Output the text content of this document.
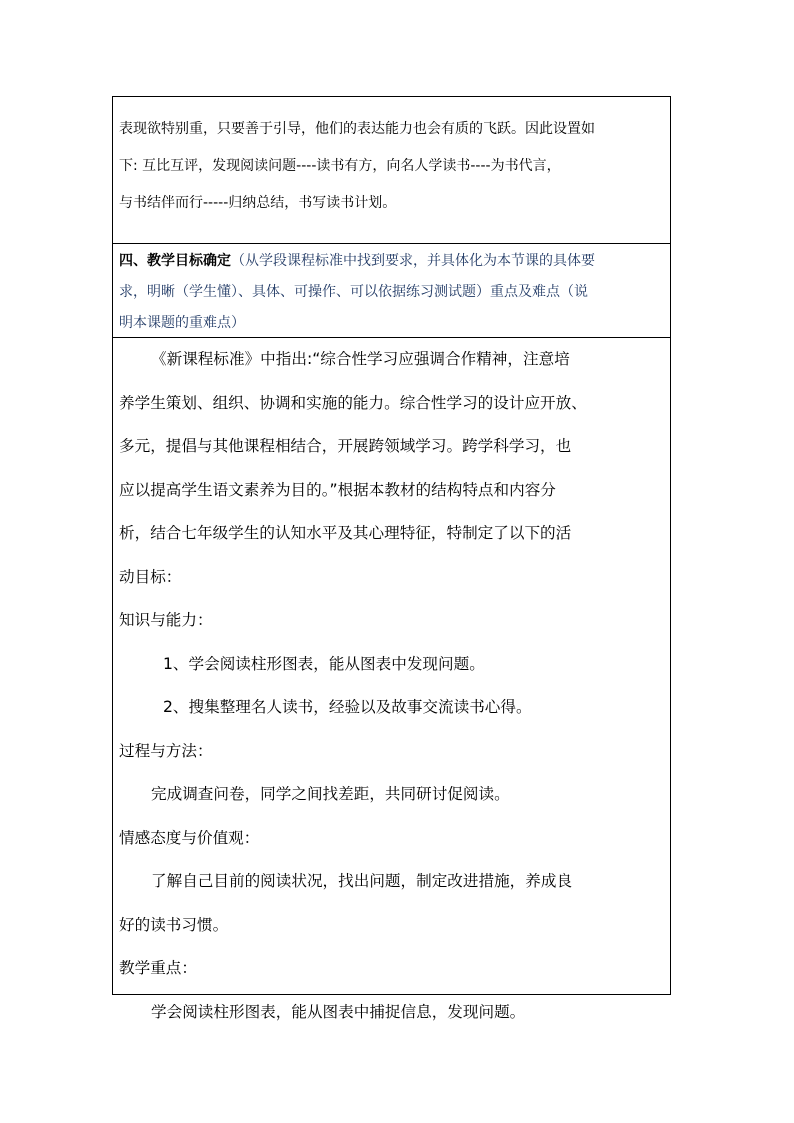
表现欲特别重，只要善于引导，他们的表达能力也会有质的飞跃。因此设置如

下: 互比互评，发现阅读问题----读书有方，向名人学读书----为书代言，

与书结伴而行-----归纳总结，书写读书计划。

四、教学目标确定（从学段课程标准中找到要求，并具体化为本节课的具体要

求，明晰（学生懂）、具体、可操作、可以依据练习测试题）重点及难点（说

明本课题的重难点）

《新课程标准》中指出:“综合性学习应强调合作精神，注意培

养学生策划、组织、协调和实施的能力。综合性学习的设计应开放、

多元，提倡与其他课程相结合，开展跨领域学习。跨学科学习，也

应以提高学生语文素养为目的。”根据本教材的结构特点和内容分

析，结合七年级学生的认知水平及其心理特征，特制定了以下的活

动目标：

知识与能力：

1、学会阅读柱形图表，能从图表中发现问题。

2、搜集整理名人读书，经验以及故事交流读书心得。

过程与方法：

完成调查问卷，同学之间找差距，共同研讨促阅读。

情感态度与价值观：

了解自己目前的阅读状况，找出问题，制定改进措施，养成良

好的读书习惯。

教学重点：

学会阅读柱形图表，能从图表中捕捉信息，发现问题。
